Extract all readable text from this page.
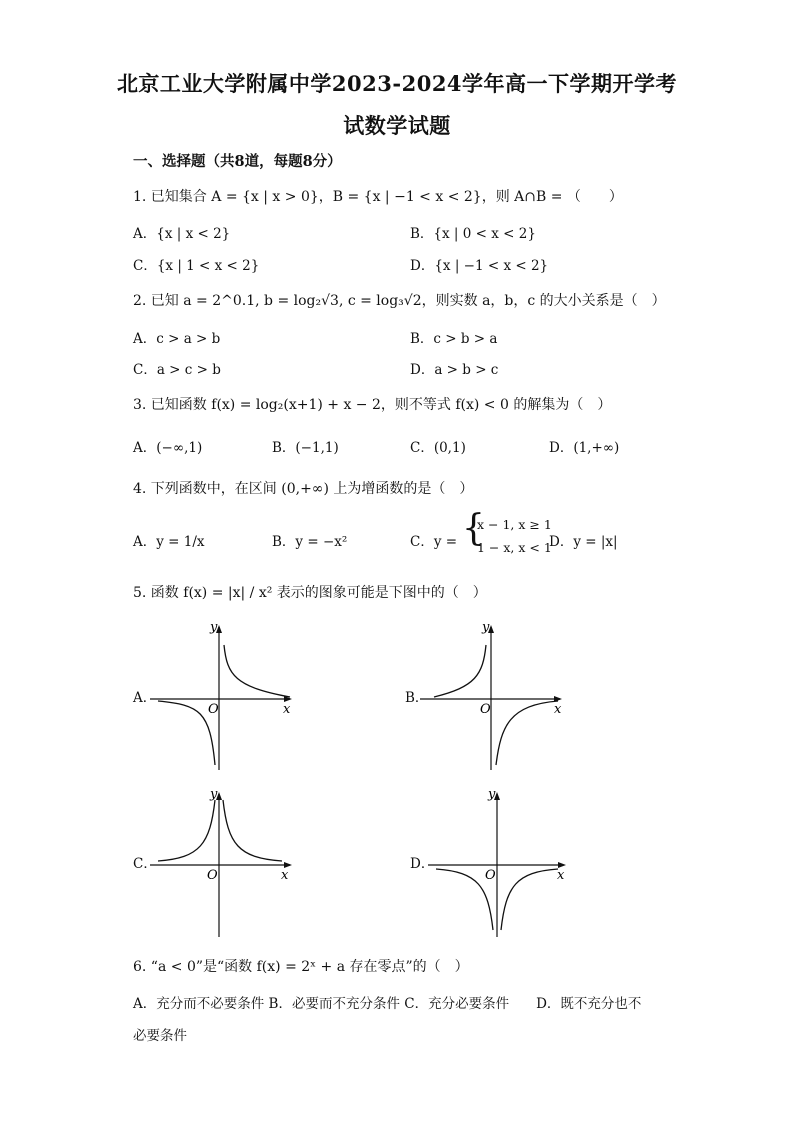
北京工业大学附属中学2023-2024学年高一下学期开学考
试数学试题
一、选择题（共8道，每题8分）
1. 已知集合 A = {x | x > 0}，B = {x | −1 < x < 2}，则 A∩B = （　　）
A．{x | x < 2}	B．{x | 0 < x < 2}
C．{x | 1 < x < 2}	D．{x | −1 < x < 2}
2. 已知 a = 2^0.1, b = log₂√3, c = log₃√2，则实数 a，b，c 的大小关系是（　）
A．c > a > b	B．c > b > a
C．a > c > b	D．a > b > c
3. 已知函数 f(x) = log₂(x+1) + x − 2，则不等式 f(x) < 0 的解集为（　）
A．(−∞,1)	B．(−1,1)	C．(0,1)	D．(1,+∞)
4. 下列函数中，在区间 (0,+∞) 上为增函数的是（　）
A．y = 1/x	B．y = −x²	C．y = {
x − 1, x ≥ 1
1 − x, x < 1
D．y = |x|
5. 函数 f(x) = |x| / x² 表示的图象可能是下图中的（　）
A．
y
x
O
B．
y
x
O
C．
y
x
O
D．
y
x
O
6. “a < 0”是“函数 f(x) = 2ˣ + a 存在零点”的（　）
A．充分而不必要条件 B．必要而不充分条件 C．充分必要条件　　D．既不充分也不
必要条件
